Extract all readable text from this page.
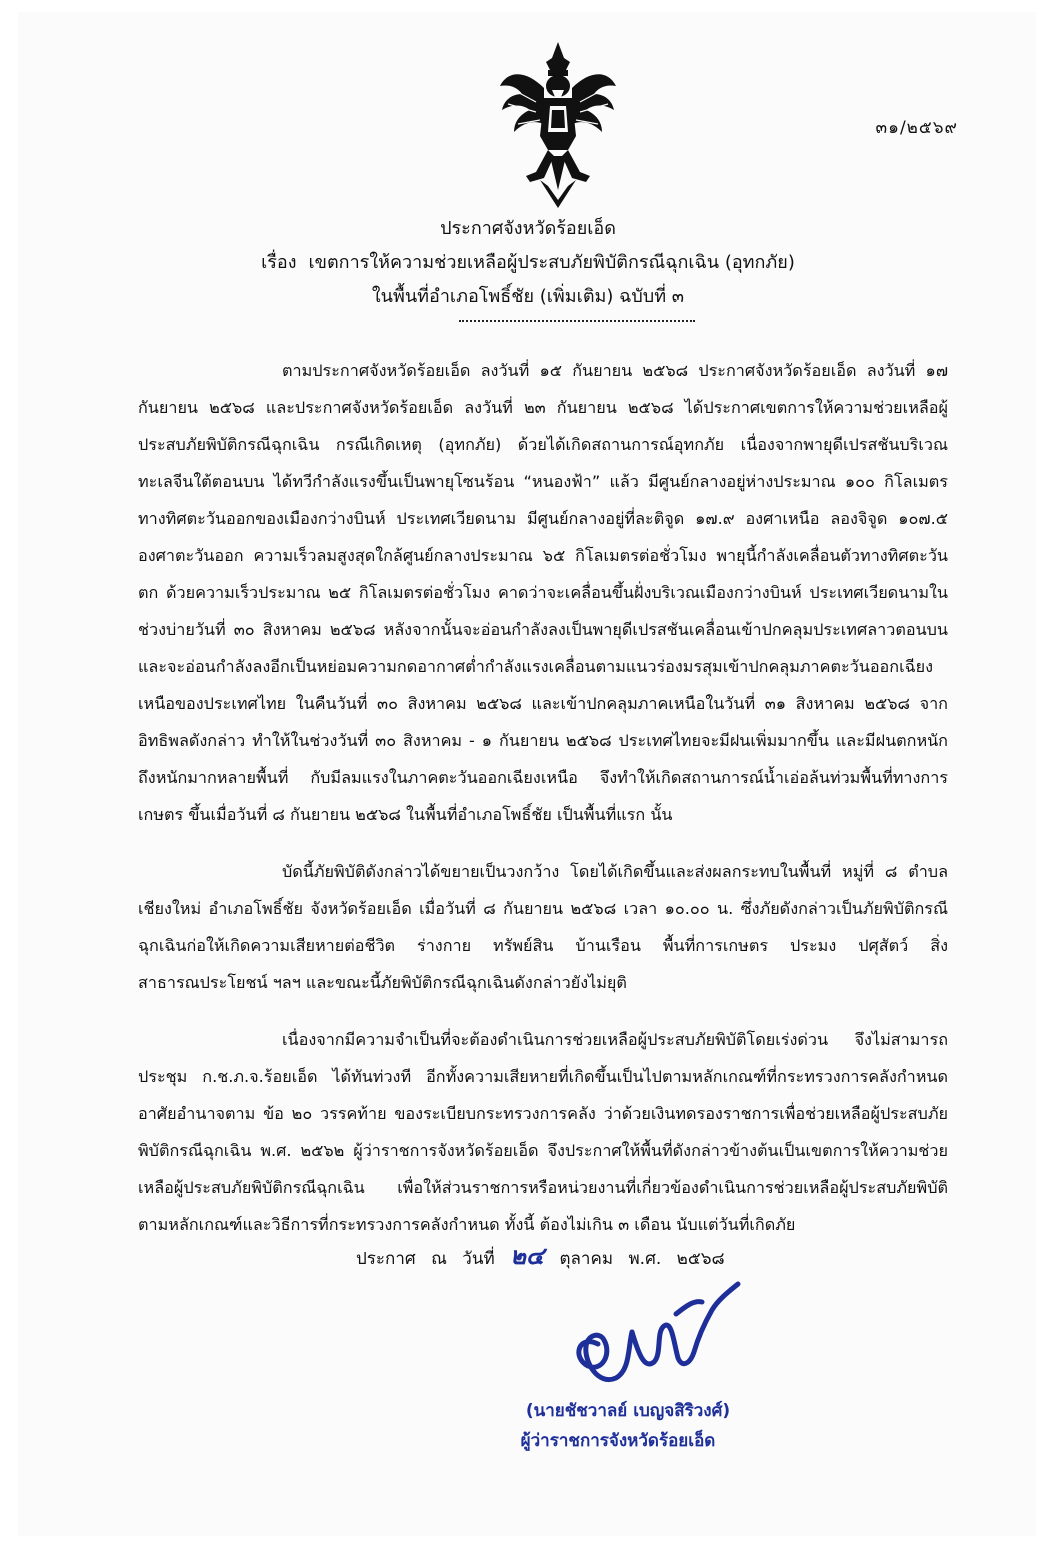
๓๑/๒๕๖๙
ประกาศจังหวัดร้อยเอ็ด
เรื่อง เขตการให้ความช่วยเหลือผู้ประสบภัยพิบัติกรณีฉุกเฉิน (อุทกภัย)
ในพื้นที่อำเภอโพธิ์ชัย (เพิ่มเติม) ฉบับที่ ๓

ตามประกาศจังหวัดร้อยเอ็ด ลงวันที่ ๑๕ กันยายน ๒๕๖๘ ประกาศจังหวัดร้อยเอ็ด ลงวันที่ ๑๗ กันยายน ๒๕๖๘ และประกาศจังหวัดร้อยเอ็ด ลงวันที่ ๒๓ กันยายน ๒๕๖๘ ได้ประกาศเขตการให้ความช่วยเหลือผู้ประสบภัยพิบัติกรณีฉุกเฉิน กรณีเกิดเหตุ (อุทกภัย) ด้วยได้เกิดสถานการณ์อุทกภัย เนื่องจากพายุดีเปรสชันบริเวณทะเลจีนใต้ตอนบน ได้ทวีกำลังแรงขึ้นเป็นพายุโซนร้อน “หนองฟ้า” แล้ว มีศูนย์กลางอยู่ห่างประมาณ ๑๐๐ กิโลเมตร ทางทิศตะวันออกของเมืองกว่างบินห์ ประเทศเวียดนาม มีศูนย์กลางอยู่ที่ละติจูด ๑๗.๙ องศาเหนือ ลองจิจูด ๑๐๗.๕ องศาตะวันออก ความเร็วลมสูงสุดใกล้ศูนย์กลางประมาณ ๖๕ กิโลเมตรต่อชั่วโมง พายุนี้กำลังเคลื่อนตัวทางทิศตะวันตก ด้วยความเร็วประมาณ ๒๕ กิโลเมตรต่อชั่วโมง คาดว่าจะเคลื่อนขึ้นฝั่งบริเวณเมืองกว่างบินห์ ประเทศเวียดนามในช่วงบ่ายวันที่ ๓๐ สิงหาคม ๒๕๖๘ หลังจากนั้นจะอ่อนกำลังลงเป็นพายุดีเปรสชันเคลื่อนเข้าปกคลุมประเทศลาวตอนบน และจะอ่อนกำลังลงอีกเป็นหย่อมความกดอากาศต่ำกำลังแรงเคลื่อนตามแนวร่องมรสุมเข้าปกคลุมภาคตะวันออกเฉียงเหนือของประเทศไทย ในคืนวันที่ ๓๐ สิงหาคม ๒๕๖๘ และเข้าปกคลุมภาคเหนือในวันที่ ๓๑ สิงหาคม ๒๕๖๘ จากอิทธิพลดังกล่าว ทำให้ในช่วงวันที่ ๓๐ สิงหาคม - ๑ กันยายน ๒๕๖๘ ประเทศไทยจะมีฝนเพิ่มมากขึ้น และมีฝนตกหนักถึงหนักมากหลายพื้นที่ กับมีลมแรงในภาคตะวันออกเฉียงเหนือ จึงทำให้เกิดสถานการณ์น้ำเอ่อล้นท่วมพื้นที่ทางการเกษตร ขึ้นเมื่อวันที่ ๘ กันยายน ๒๕๖๘ ในพื้นที่อำเภอโพธิ์ชัย เป็นพื้นที่แรก นั้น

บัดนี้ภัยพิบัติดังกล่าวได้ขยายเป็นวงกว้าง โดยได้เกิดขึ้นและส่งผลกระทบในพื้นที่ หมู่ที่ ๘ ตำบลเชียงใหม่ อำเภอโพธิ์ชัย จังหวัดร้อยเอ็ด เมื่อวันที่ ๘ กันยายน ๒๕๖๘ เวลา ๑๐.๐๐ น. ซึ่งภัยดังกล่าวเป็นภัยพิบัติกรณีฉุกเฉินก่อให้เกิดความเสียหายต่อชีวิต ร่างกาย ทรัพย์สิน บ้านเรือน พื้นที่การเกษตร ประมง ปศุสัตว์ สิ่งสาธารณประโยชน์ ฯลฯ และขณะนี้ภัยพิบัติกรณีฉุกเฉินดังกล่าวยังไม่ยุติ

เนื่องจากมีความจำเป็นที่จะต้องดำเนินการช่วยเหลือผู้ประสบภัยพิบัติโดยเร่งด่วน จึงไม่สามารถประชุม ก.ช.ภ.จ.ร้อยเอ็ด ได้ทันท่วงที อีกทั้งความเสียหายที่เกิดขึ้นเป็นไปตามหลักเกณฑ์ที่กระทรวงการคลังกำหนด อาศัยอำนาจตาม ข้อ ๒๐ วรรคท้าย ของระเบียบกระทรวงการคลัง ว่าด้วยเงินทดรองราชการเพื่อช่วยเหลือผู้ประสบภัยพิบัติกรณีฉุกเฉิน พ.ศ. ๒๕๖๒ ผู้ว่าราชการจังหวัดร้อยเอ็ด จึงประกาศให้พื้นที่ดังกล่าวข้างต้นเป็นเขตการให้ความช่วยเหลือผู้ประสบภัยพิบัติกรณีฉุกเฉิน เพื่อให้ส่วนราชการหรือหน่วยงานที่เกี่ยวข้องดำเนินการช่วยเหลือผู้ประสบภัยพิบัติตามหลักเกณฑ์และวิธีการที่กระทรวงการคลังกำหนด ทั้งนี้ ต้องไม่เกิน ๓ เดือน นับแต่วันที่เกิดภัย

ประกาศ ณ วันที่ ๒๔ ตุลาคม พ.ศ. ๒๕๖๘
(นายชัชวาลย์ เบญจสิริวงศ์)
ผู้ว่าราชการจังหวัดร้อยเอ็ด
